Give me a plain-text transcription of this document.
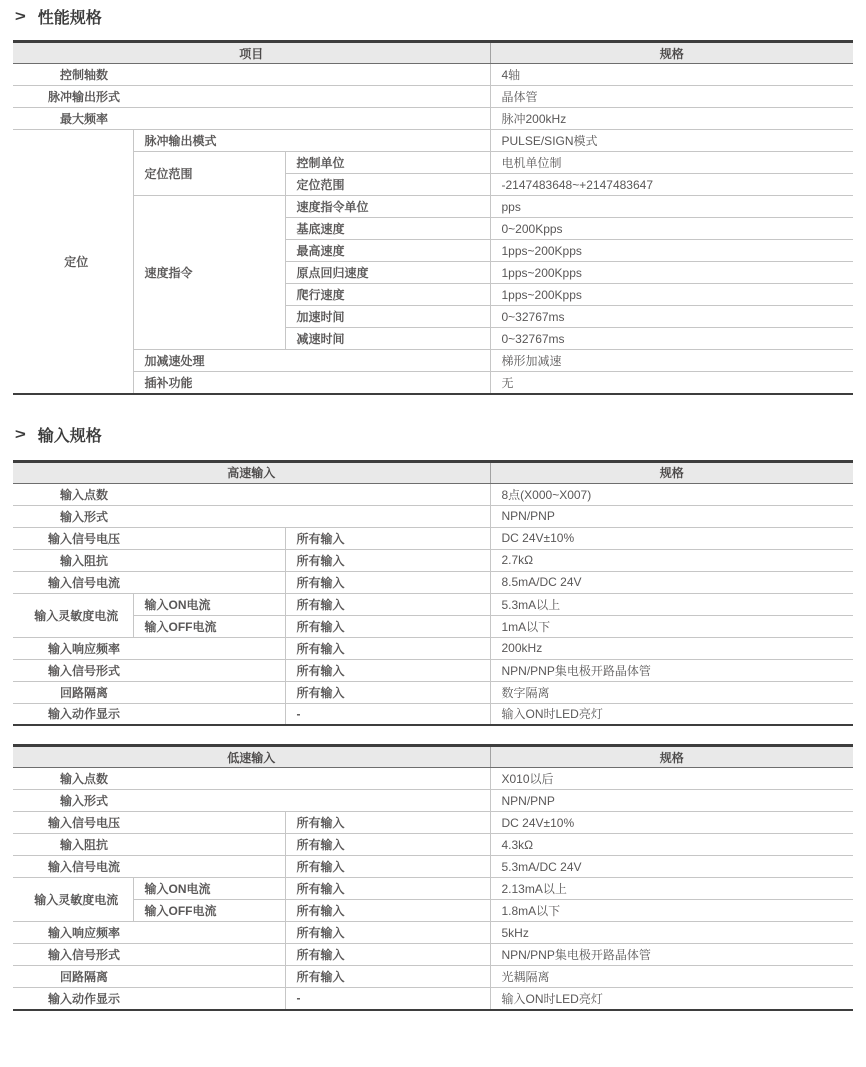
> 性能规格
项目			规格
控制轴数			4轴
脉冲输出形式			晶体管
最大频率			脉冲200kHz
定位	脉冲输出模式		PULSE/SIGN模式
	定位范围	控制单位	电机单位制
		定位范围	-2147483648~+2147483647
	速度指令	速度指令单位	pps
		基底速度	0~200Kpps
		最高速度	1pps~200Kpps
		原点回归速度	1pps~200Kpps
		爬行速度	1pps~200Kpps
		加速时间	0~32767ms
		减速时间	0~32767ms
	加减速处理		梯形加减速
	插补功能		无
> 输入规格
高速输入			规格
输入点数			8点(X000~X007)
输入形式			NPN/PNP
输入信号电压		所有输入	DC 24V±10%
输入阻抗		所有输入	2.7kΩ
输入信号电流		所有输入	8.5mA/DC 24V
输入灵敏度电流	输入ON电流	所有输入	5.3mA以上
	输入OFF电流	所有输入	1mA以下
输入响应频率		所有输入	200kHz
输入信号形式		所有输入	NPN/PNP集电极开路晶体管
回路隔离		所有输入	数字隔离
输入动作显示		-	输入ON时LED亮灯
低速输入			规格
输入点数			X010以后
输入形式			NPN/PNP
输入信号电压		所有输入	DC 24V±10%
输入阻抗		所有输入	4.3kΩ
输入信号电流		所有输入	5.3mA/DC 24V
输入灵敏度电流	输入ON电流	所有输入	2.13mA以上
	输入OFF电流	所有输入	1.8mA以下
输入响应频率		所有输入	5kHz
输入信号形式		所有输入	NPN/PNP集电极开路晶体管
回路隔离		所有输入	光耦隔离
输入动作显示		-	输入ON时LED亮灯
